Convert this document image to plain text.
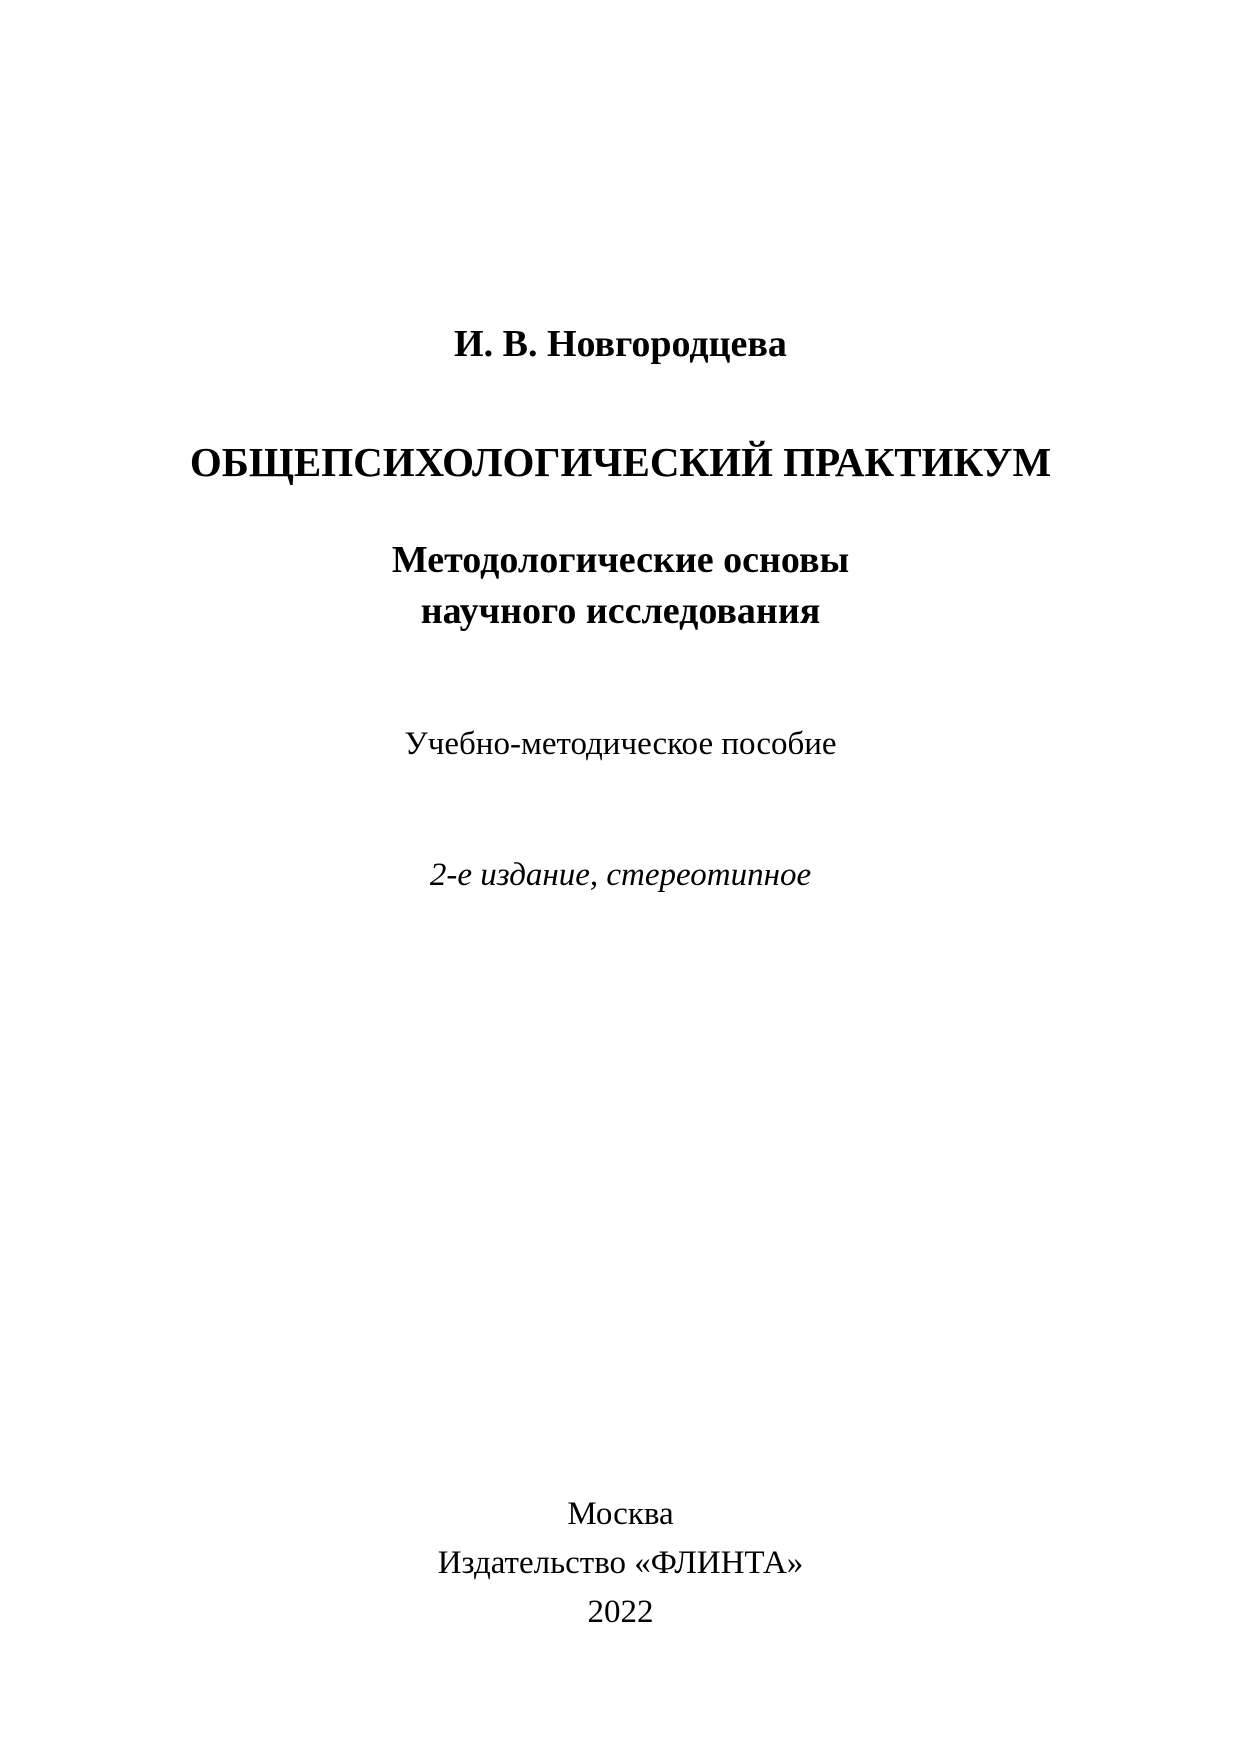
И. В. Новгородцева
ОБЩЕПСИХОЛОГИЧЕСКИЙ ПРАКТИКУМ
Методологические основы
научного исследования
Учебно-методическое пособие
2-е издание, стереотипное
Москва
Издательство «ФЛИНТА»
2022
